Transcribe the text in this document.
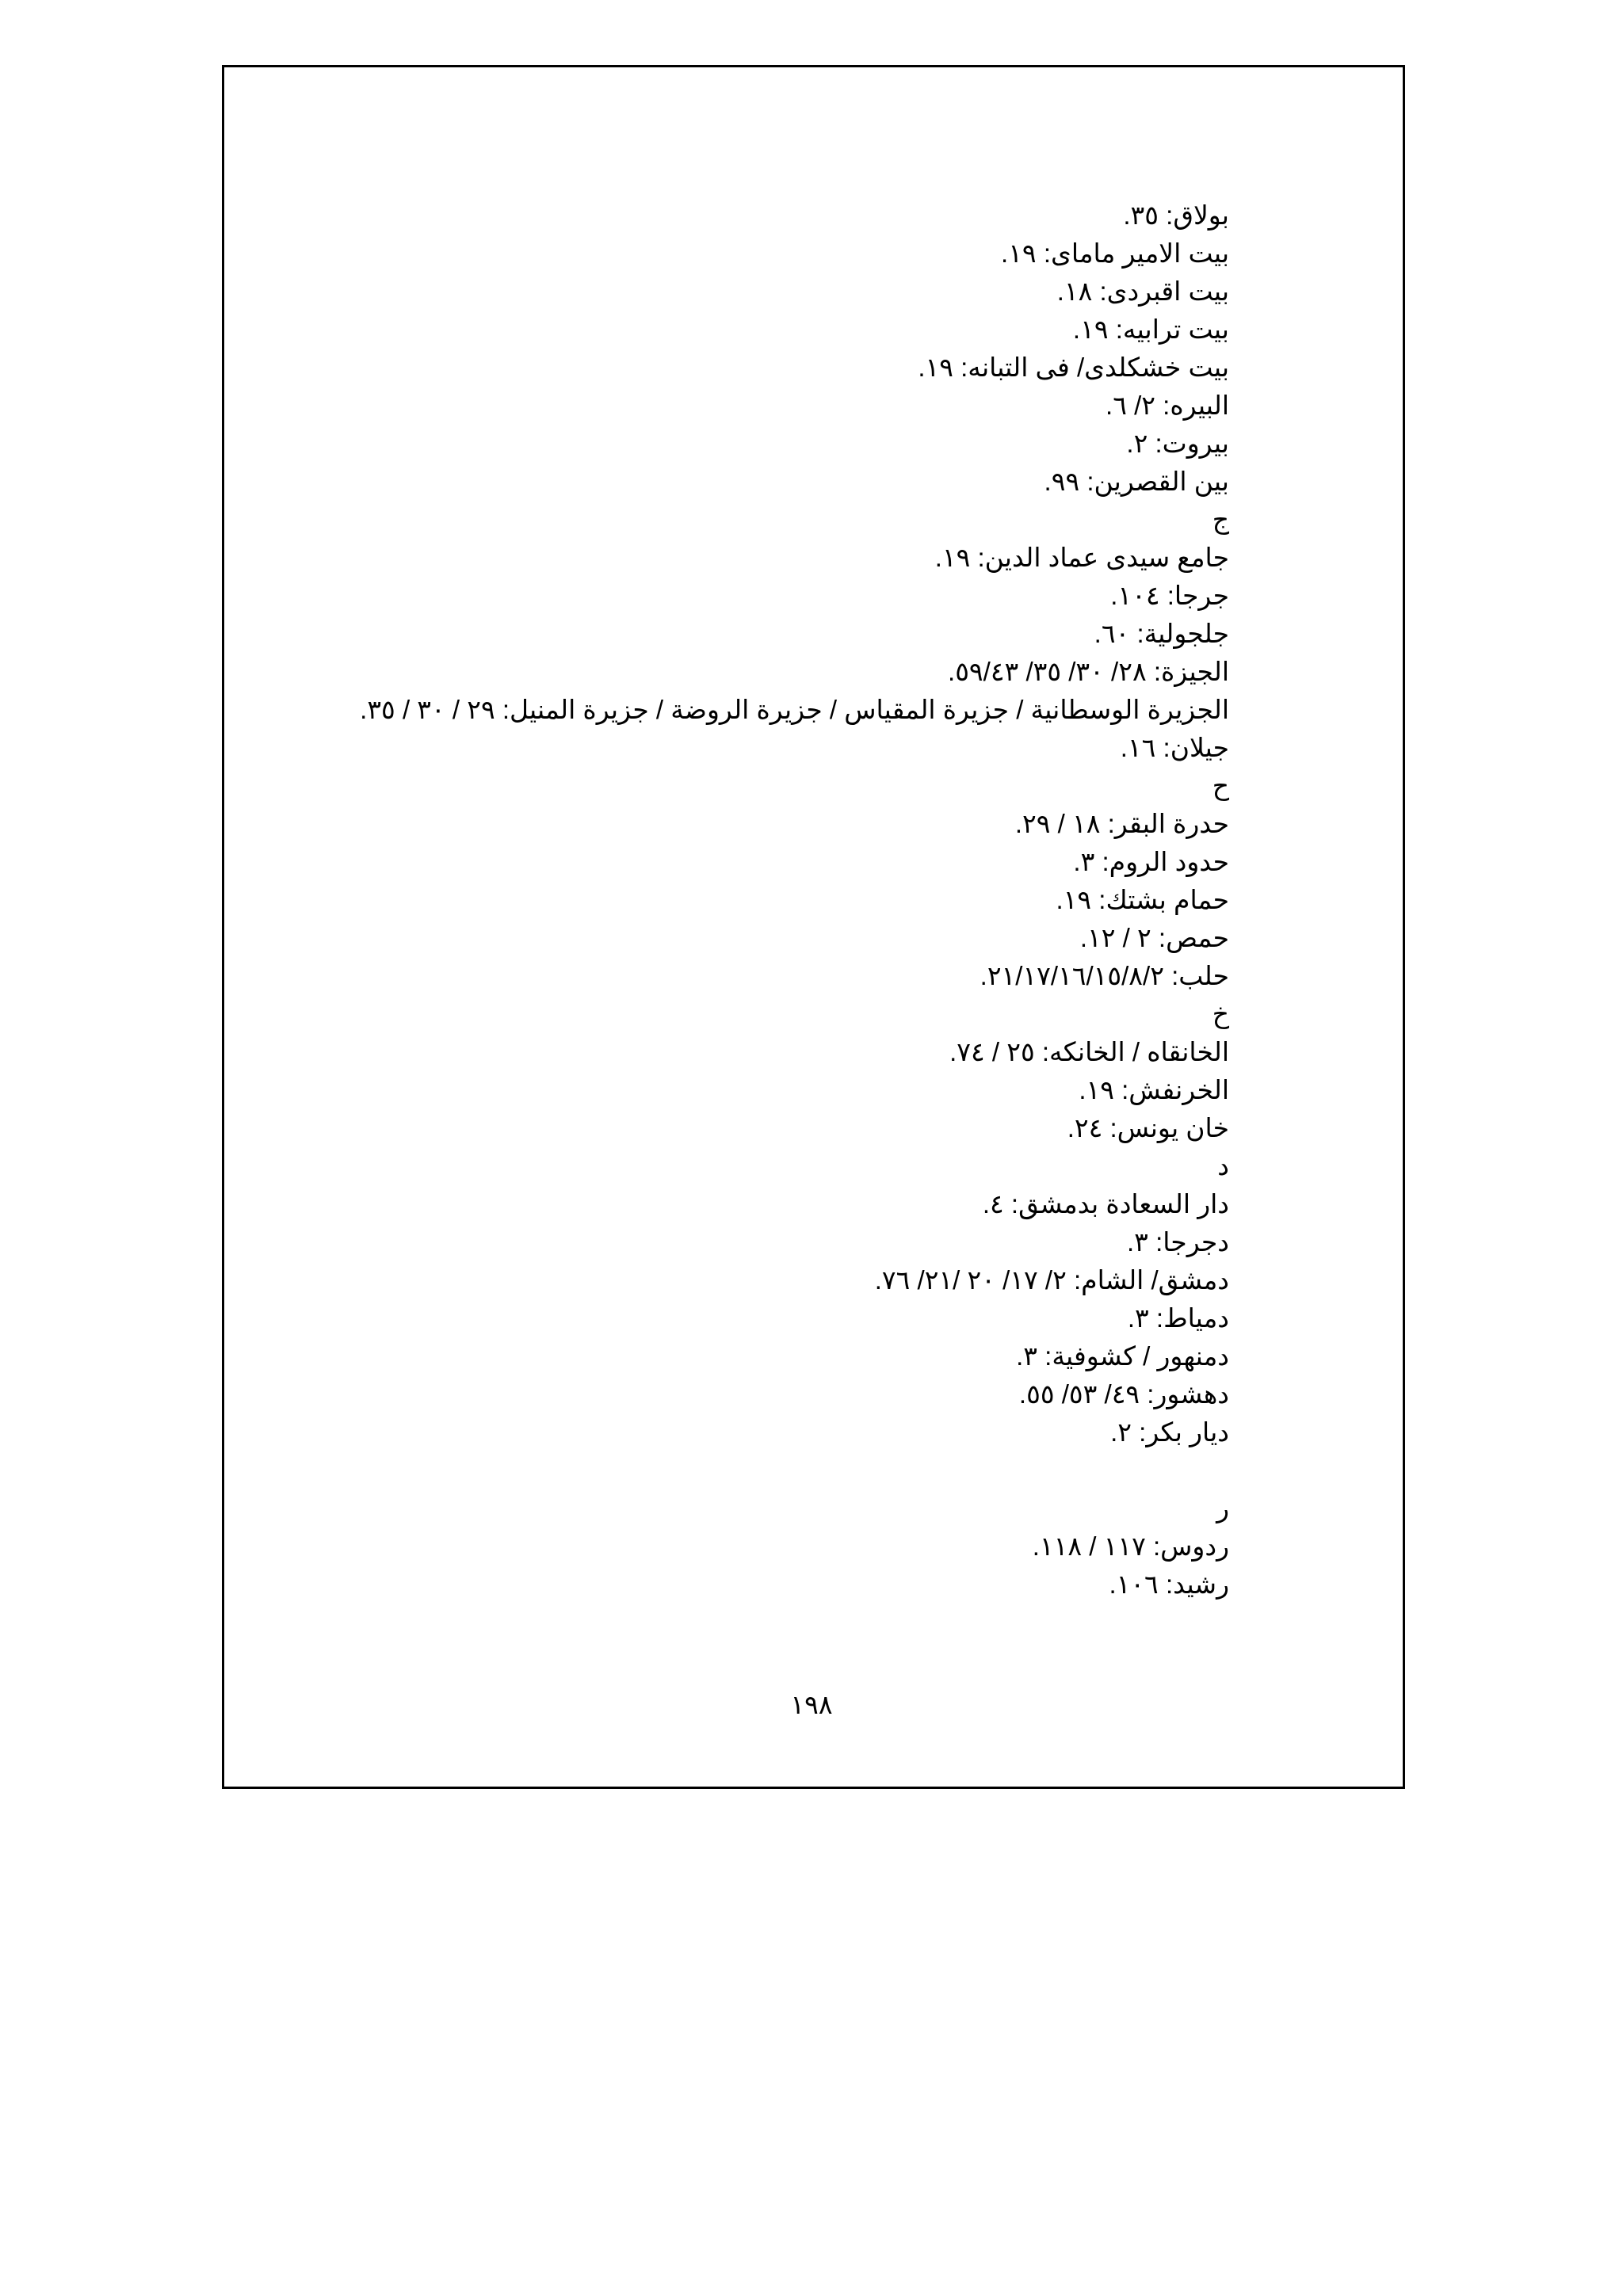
بولاق: ٣٥.
بيت الامير ماماى: ١٩.
بيت اقبردى: ١٨.
بيت ترابيه: ١٩.
بيت خشكلدى/ فى التبانه: ١٩.
البيره: ٢/ ٦.
بيروت: ٢.
بين القصرين: ٩٩.
ج
جامع سيدى عماد الدين: ١٩.
جرجا: ١٠٤.
جلجولية: ٦٠.
الجيزة: ٢٨/ ٣٠/ ٣٥/ ٥٩/٤٣.
الجزيرة الوسطانية / جزيرة المقياس / جزيرة الروضة / جزيرة المنيل: ٢٩ / ٣٠ / ٣٥.
جيلان: ١٦.
ح
حدرة البقر: ١٨ / ٢٩.
حدود الروم: ٣.
حمام بشتك: ١٩.
حمص: ٢ / ١٢.
حلب: ٢١/١٧/١٦/١٥/٨/٢.
خ
الخانقاه / الخانكه: ٢٥ / ٧٤.
الخرنفش: ١٩.
خان يونس: ٢٤.
د
دار السعادة بدمشق: ٤.
دجرجا: ٣.
دمشق/ الشام: ٢/ ١٧/ ٢٠ /٢١/ ٧٦.
دمياط: ٣.
دمنهور / كشوفية: ٣.
دهشور: ٤٩/ ٥٣/ ٥٥.
ديار بكر: ٢.
ر
ردوس: ١١٧ / ١١٨.
رشيد: ١٠٦.
١٩٨
